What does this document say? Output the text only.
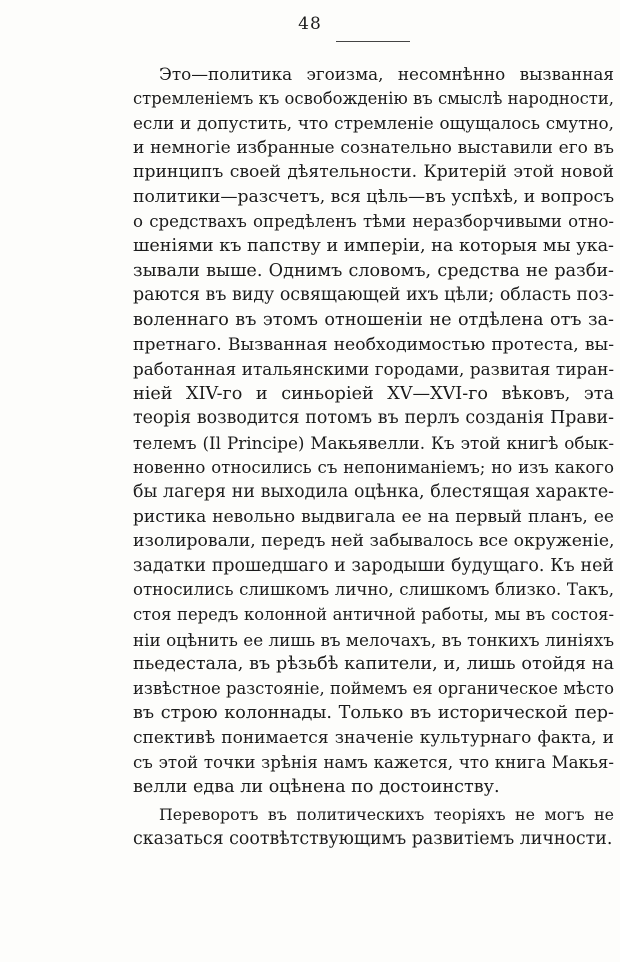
48
Это—политика эгоизма, несомнѣнно вызванная
стремленіемъ къ освобожденію въ смыслѣ народности,
если и допустить, что стремленіе ощущалось смутно,
и немногіе избранные сознательно выставили его въ
принципъ своей дѣятельности. Критерій этой новой
политики—разсчетъ, вся цѣль—въ успѣхѣ, и вопросъ
о средствахъ опредѣленъ тѣми неразборчивыми отно-
шеніями къ папству и имперіи, на которыя мы ука-
зывали выше. Однимъ словомъ, средства не разби-
раются въ виду освящающей ихъ цѣли; область поз-
воленнаго въ этомъ отношеніи не отдѣлена отъ за-
претнаго. Вызванная необходимостью протеста, вы-
работанная итальянскими городами, развитая тиран-
ніей XIV-го и синьоріей XV—XVI-го вѣковъ, эта
теорія возводится потомъ въ перлъ созданія Прави-
телемъ (Il Principe) Макьявелли. Къ этой книгѣ обык-
новенно относились съ непониманіемъ; но изъ какого
бы лагеря ни выходила оцѣнка, блестящая характе-
ристика невольно выдвигала ее на первый планъ, ее
изолировали, передъ ней забывалось все окруженіе,
задатки прошедшаго и зародыши будущаго. Къ ней
относились слишкомъ лично, слишкомъ близко. Такъ,
стоя передъ колонной античной работы, мы въ состоя-
ніи оцѣнить ее лишь въ мелочахъ, въ тонкихъ линіяхъ
пьедестала, въ рѣзьбѣ капители, и, лишь отойдя на
извѣстное разстояніе, поймемъ ея органическое мѣсто
въ строю колоннады. Только въ исторической пер-
спективѣ понимается значеніе культурнаго факта, и
съ этой точки зрѣнія намъ кажется, что книга Макья-
велли едва ли оцѣнена по достоинству.
Переворотъ въ политическихъ теоріяхъ не могъ не
сказаться соотвѣтствующимъ развитіемъ личности.
